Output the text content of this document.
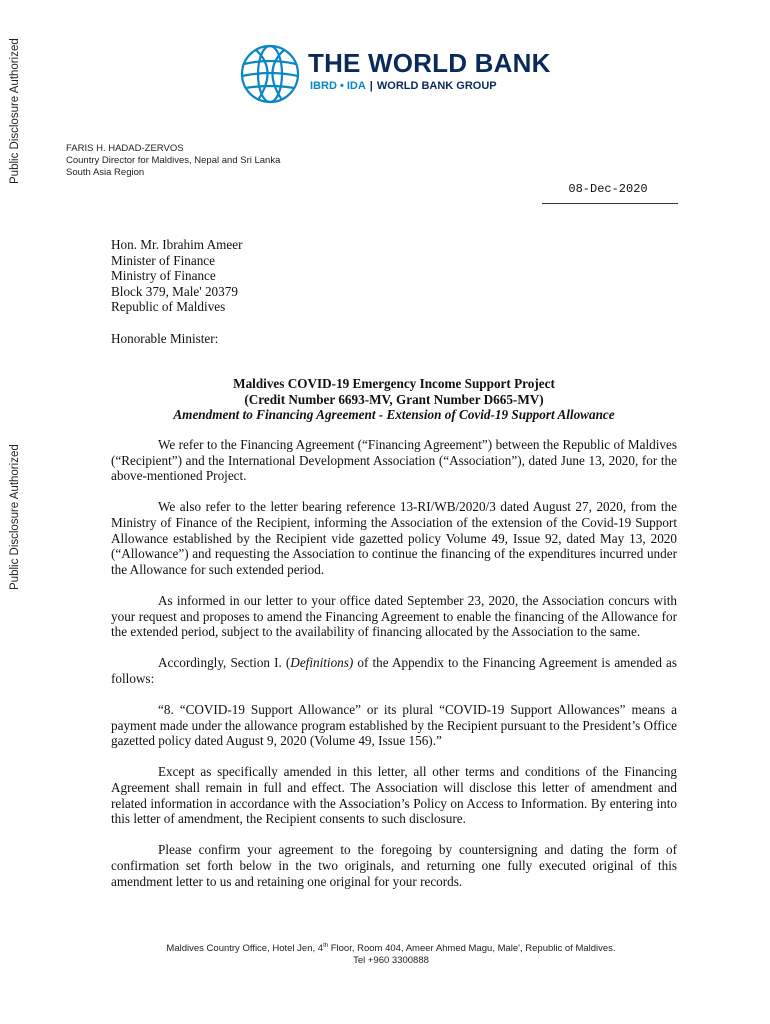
Public Disclosure Authorized
Public Disclosure Authorized
THE WORLD BANK
IBRD • IDA | WORLD BANK GROUP
FARIS H. HADAD-ZERVOS
Country Director for Maldives, Nepal and Sri Lanka
South Asia Region
08-Dec-2020
Hon. Mr. Ibrahim Ameer
Minister of Finance
Ministry of Finance
Block 379, Male' 20379
Republic of Maldives
Honorable Minister:
Maldives COVID-19 Emergency Income Support Project
(Credit Number 6693-MV, Grant Number D665-MV)
Amendment to Financing Agreement - Extension of Covid-19 Support Allowance

We refer to the Financing Agreement (“Financing Agreement”) between the Republic of Maldives (“Recipient”) and the International Development Association (“Association”), dated June 13, 2020, for the above-mentioned Project.

We also refer to the letter bearing reference 13-RI/WB/2020/3 dated August 27, 2020, from the Ministry of Finance of the Recipient, informing the Association of the extension of the Covid-19 Support Allowance established by the Recipient vide gazetted policy Volume 49, Issue 92, dated May 13, 2020 (“Allowance”) and requesting the Association to continue the financing of the expenditures incurred under the Allowance for such extended period.

As informed in our letter to your office dated September 23, 2020, the Association concurs with your request and proposes to amend the Financing Agreement to enable the financing of the Allowance for the extended period, subject to the availability of financing allocated by the Association to the same.

Accordingly, Section I. (Definitions) of the Appendix to the Financing Agreement is amended as follows:

“8. “COVID-19 Support Allowance” or its plural “COVID-19 Support Allowances” means a payment made under the allowance program established by the Recipient pursuant to the President’s Office gazetted policy dated August 9, 2020 (Volume 49, Issue 156).”

Except as specifically amended in this letter, all other terms and conditions of the Financing Agreement shall remain in full and effect. The Association will disclose this letter of amendment and related information in accordance with the Association’s Policy on Access to Information. By entering into this letter of amendment, the Recipient consents to such disclosure.

Please confirm your agreement to the foregoing by countersigning and dating the form of confirmation set forth below in the two originals, and returning one fully executed original of this amendment letter to us and retaining one original for your records.

Maldives Country Office, Hotel Jen, 4th Floor, Room 404, Ameer Ahmed Magu, Male', Republic of Maldives.
Tel +960 3300888
